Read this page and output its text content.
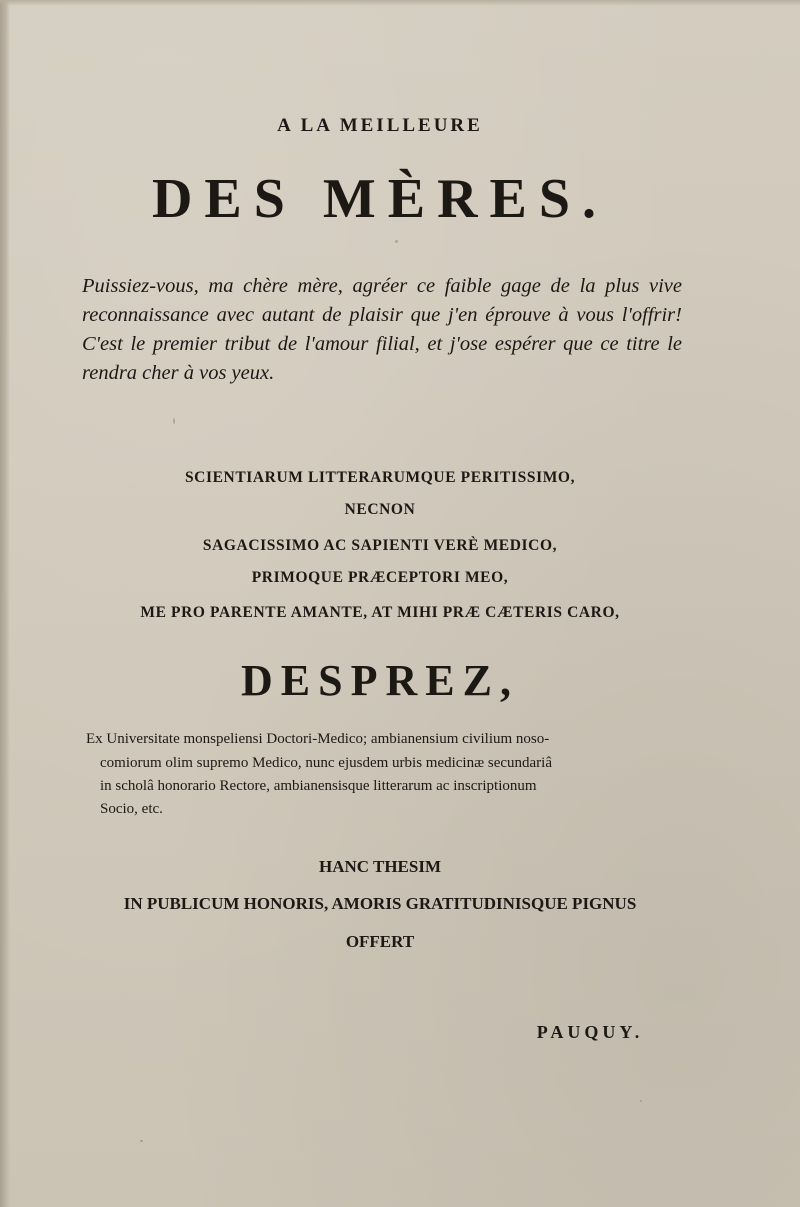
A LA MEILLEURE

DES MÈRES.

Puissiez-vous, ma chère mère, agréer ce faible gage de la plus vive reconnaissance avec autant de plaisir que j'en éprouve à vous l'offrir! C'est le premier tribut de l'amour filial, et j'ose espérer que ce titre le rendra cher à vos yeux.

SCIENTIARUM LITTERARUMQUE PERITISSIMO,

NECNON

SAGACISSIMO AC SAPIENTI VERÈ MEDICO,

PRIMOQUE PRÆCEPTORI MEO,

ME PRO PARENTE AMANTE, AT MIHI PRÆ CÆTERIS CARO,

DESPREZ,

Ex Universitate monspeliensi Doctori-Medico; ambianensium civilium noso-

comiorum olim supremo Medico, nunc ejusdem urbis medicinæ secundariâ

in scholâ honorario Rectore, ambianensisque litterarum ac inscriptionum

Socio, etc.

HANC THESIM

IN PUBLICUM HONORIS, AMORIS GRATITUDINISQUE PIGNUS

OFFERT

PAUQUY.
